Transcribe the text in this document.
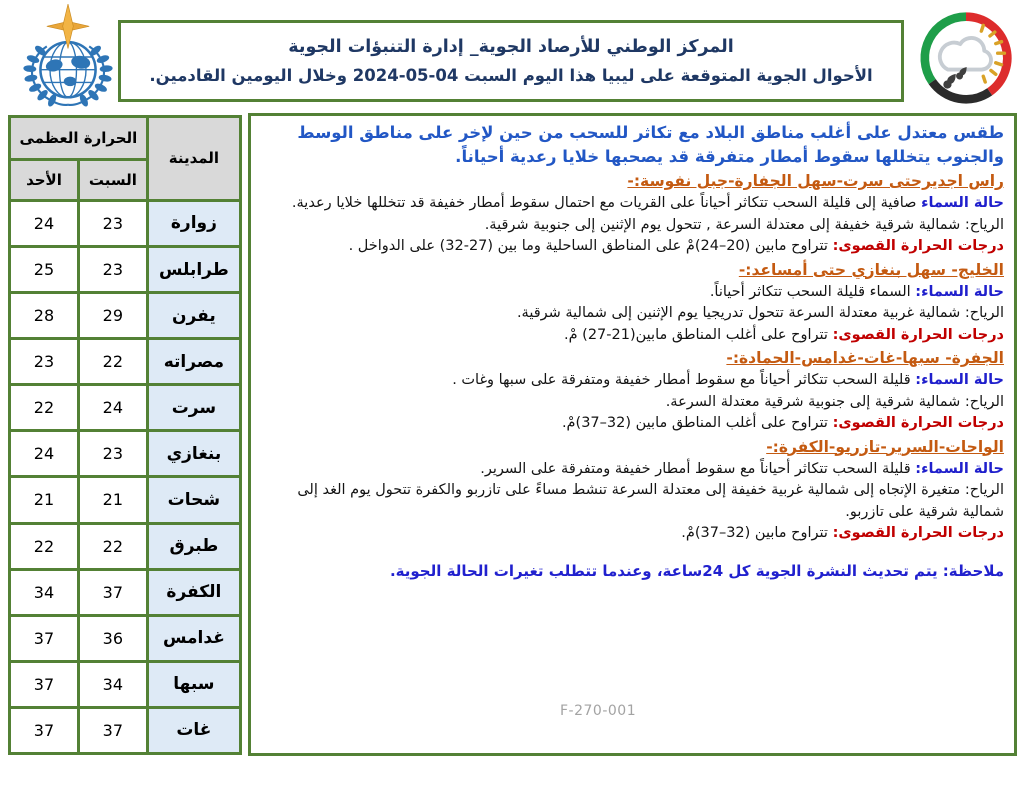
المركز الوطني للأرصاد الجوية_ إدارة التنبؤات الجوية
الأحوال الجوية المتوقعة على ليبيا هذا اليوم السبت 04-05-2024 وخلال اليومين القادمين.
المدينة	الحرارة العظمى	
	السبت	الأحد
زوارة	23	24
طرابلس	23	25
يفرن	29	28
مصراته	22	23
سرت	24	22
بنغازي	23	24
شحات	21	21
طبرق	22	22
الكفرة	37	34
غدامس	36	37
سبها	34	37
غات	37	37
طقس معتدل على أغلب مناطق البلاد مع تكاثر للسحب من حين لإخر على مناطق الوسط والجنوب يتخللها سقوط أمطار متفرقة قد يصحبها خلايا رعدية أحياناً.
راس اجديرحتى سرت-سهل الجفارة-جبل نفوسة:-
حالة السماء صافية إلى قليلة السحب تتكاثر أحياناً على القريات مع احتمال سقوط أمطار خفيفة قد تتخللها خلايا رعدية.
الرياح: شمالية شرقية خفيفة إلى معتدلة السرعة , تتحول يوم الإثنين إلى جنوبية شرقية.
درجات الحرارة القصوى: تتراوح مابين (20–24)مْ على المناطق الساحلية وما بين (27-32) على الدواخل .
الخليج- سهل بنغازي حتى أمساعد:-
حالة السماء: السماء قليلة السحب تتكاثر أحياناً.
الرياح: شمالية غربية معتدلة السرعة تتحول تدريجيا يوم الإثنين إلى شمالية شرقية.
درجات الحرارة القصوى: تتراوح على أغلب المناطق مابين(21-27) مْ.
الجفرة- سبها-غات-غدامس-الحمادة:-
حالة السماء: قليلة السحب تتكاثر أحياناً مع سقوط أمطار خفيفة ومتفرقة على سبها وغات .
الرياح: شمالية شرقية إلى جنوبية شرقية معتدلة السرعة.
درجات الحرارة القصوى: تتراوح على أغلب المناطق مابين (32–37)مْ.
الواحات-السرير-تازربو-الكفرة:-
حالة السماء: قليلة السحب تتكاثر أحياناً مع سقوط أمطار خفيفة ومتفرقة على السرير.
الرياح: متغيرة الإتجاه إلى شمالية غربية خفيفة إلى معتدلة السرعة تنشط مساءً على تازربو والكفرة تتحول يوم الغد إلى شمالية شرقية على تازربو.
درجات الحرارة القصوى: تتراوح مابين (32–37)مْ.
ملاحظة: يتم تحديث النشرة الجوية كل 24ساعة، وعندما تتطلب تغيرات الحالة الجوية.
F-270-001
